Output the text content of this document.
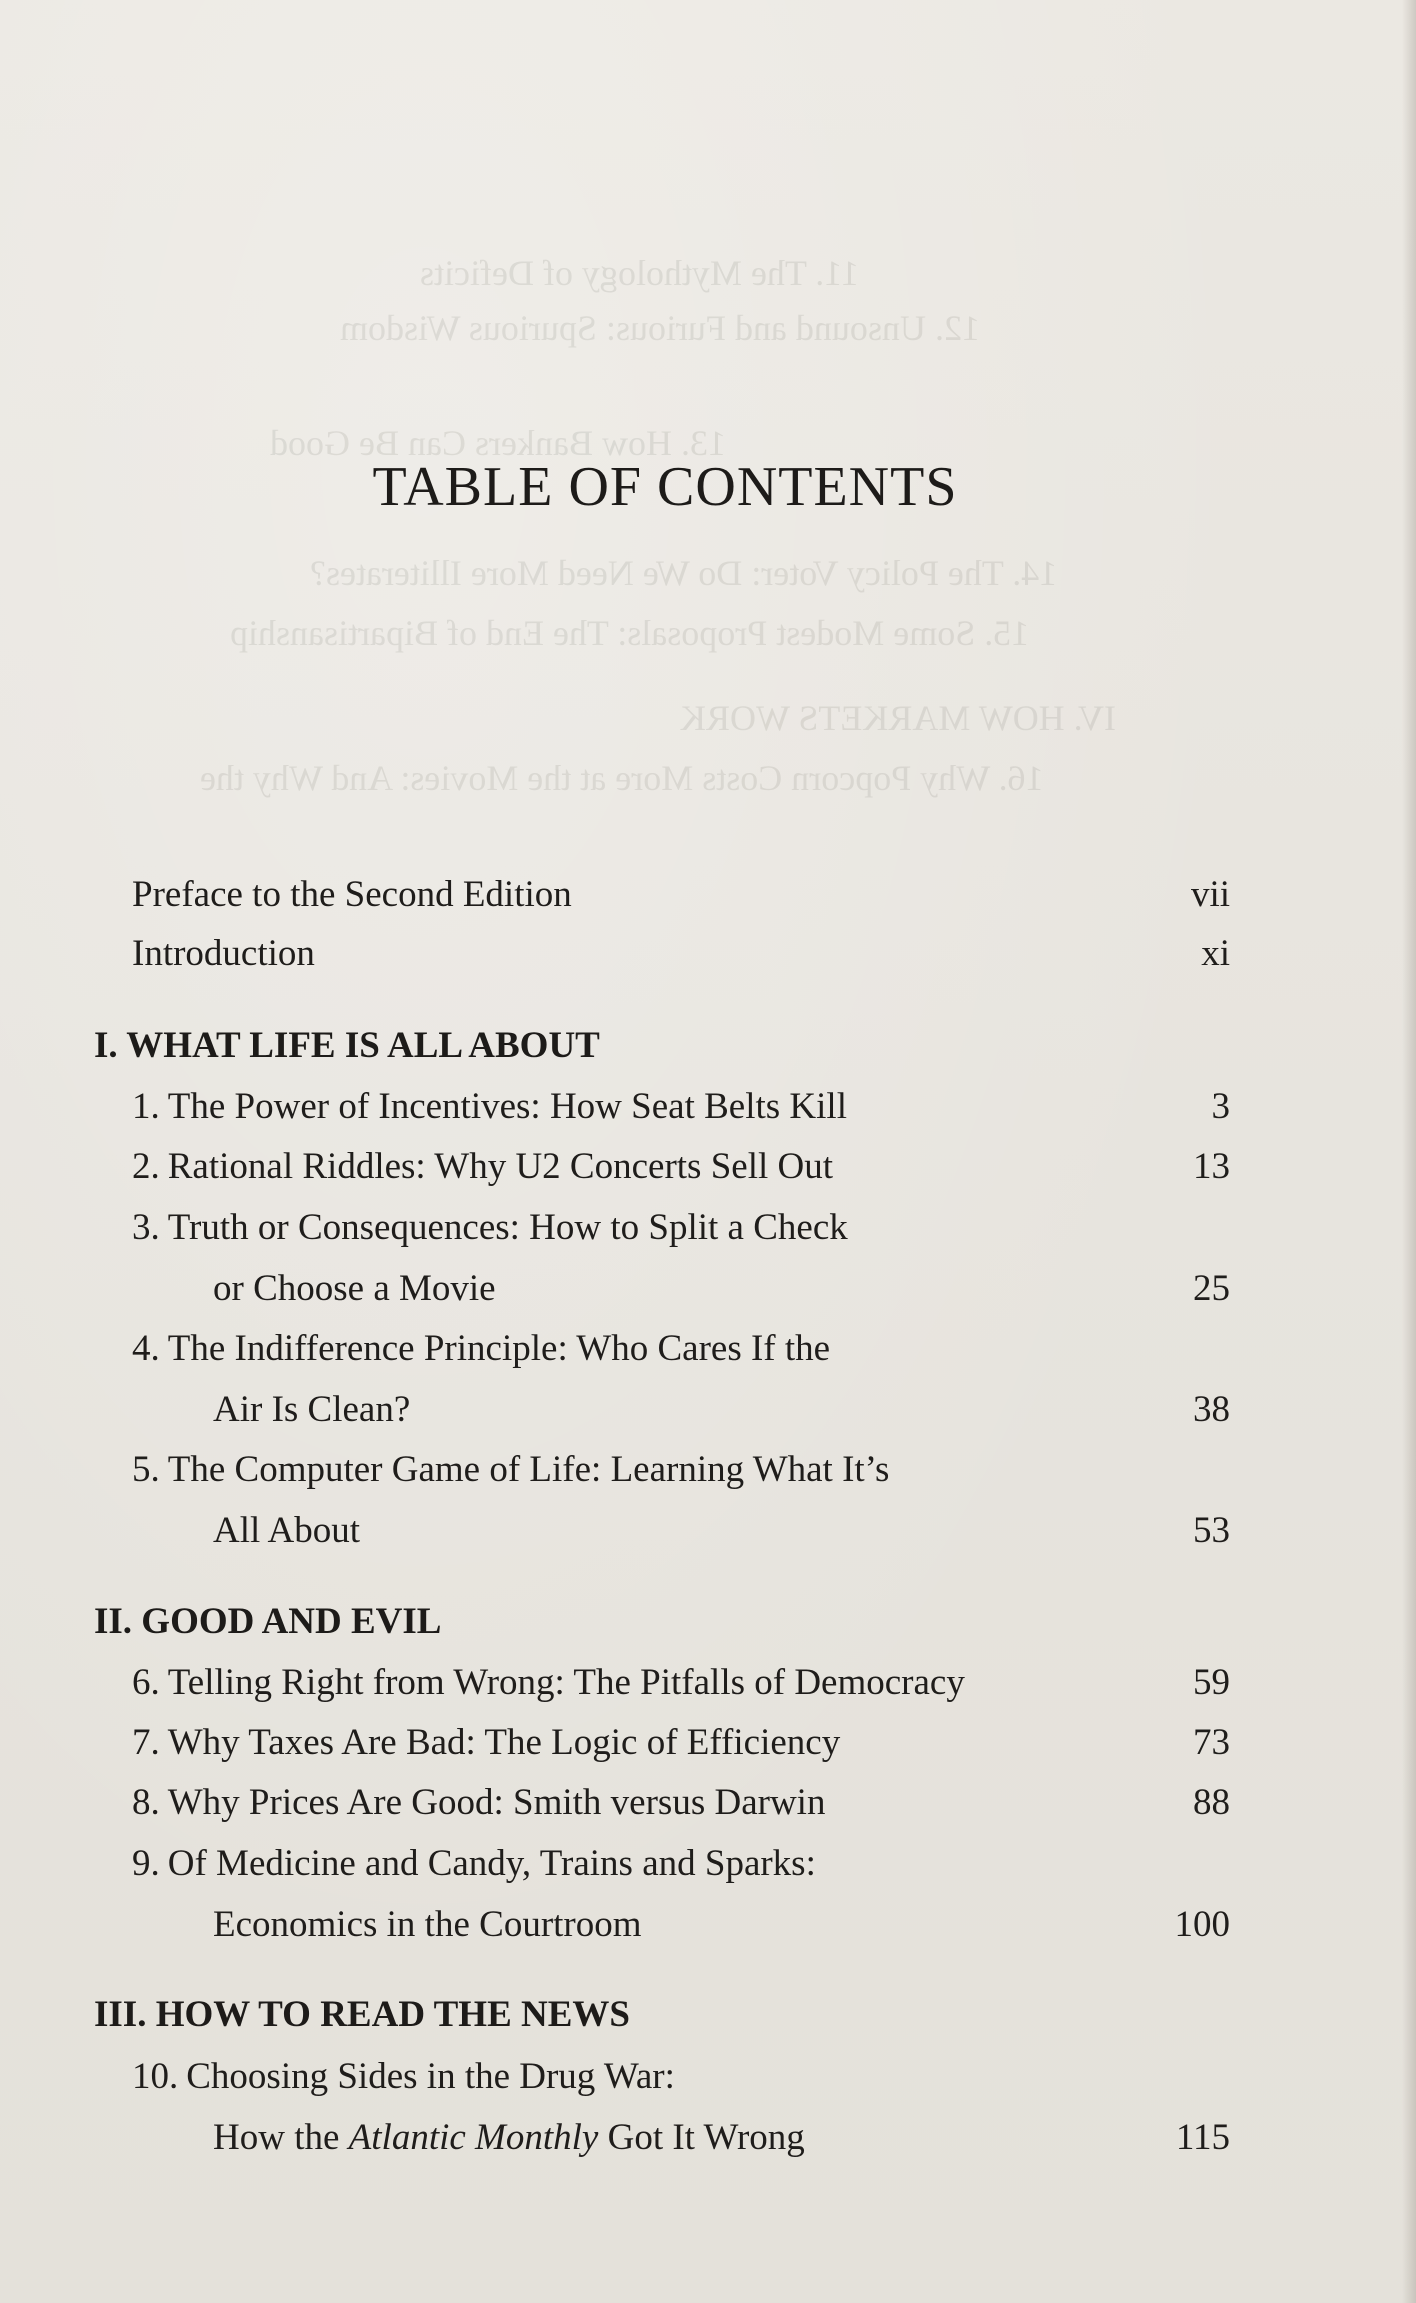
11. The Mythology of Deficits
12. Unsound and Furious: Spurious Wisdom
13. How Bankers Can Be Good
14. The Policy Voter: Do We Need More Illiterates?
15. Some Modest Proposals: The End of Bipartisanship
IV. HOW MARKETS WORK
16. Why Popcorn Costs More at the Movies: And Why the
TABLE OF CONTENTS
Preface to the Second Edition	vii
Introduction	xi
I. WHAT LIFE IS ALL ABOUT
1. The Power of Incentives: How Seat Belts Kill	3
2. Rational Riddles: Why U2 Concerts Sell Out	13
3. Truth or Consequences: How to Split a Check
or Choose a Movie	25
4. The Indifference Principle: Who Cares If the
Air Is Clean?	38
5. The Computer Game of Life: Learning What It’s
All About	53
II. GOOD AND EVIL
6. Telling Right from Wrong: The Pitfalls of Democracy	59
7. Why Taxes Are Bad: The Logic of Efficiency	73
8. Why Prices Are Good: Smith versus Darwin	88
9. Of Medicine and Candy, Trains and Sparks:
Economics in the Courtroom	100
III. HOW TO READ THE NEWS
10. Choosing Sides in the Drug War:
How the Atlantic Monthly Got It Wrong	115
